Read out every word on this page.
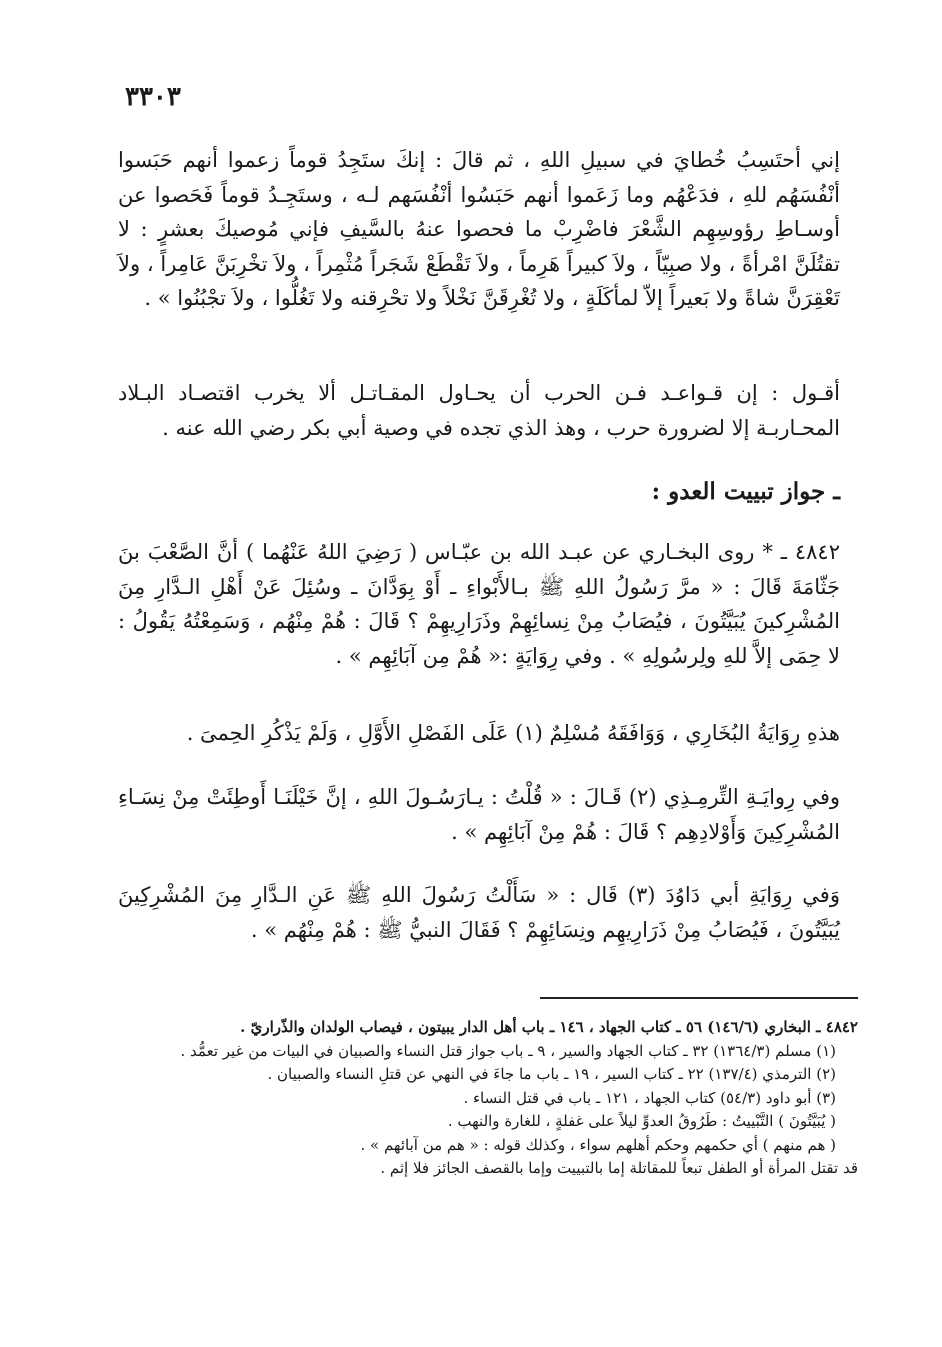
٣٣٠٣
إني أحتَسِبُ خُطايَ في سبيلِ اللهِ ، ثم قالَ : إنكَ ستَجِدُ قوماً زعموا أنهم حَبَسوا أنْفُسَهُم للهِ ، فدَعْهُم وما زَعَموا أنهم حَبَسُوا أنْفُسَهم لـه ، وستَجِـدُ قوماً فَحَصوا عن أوسـاطِ رؤوسِهِم الشَّعْرَ فاضْرِبْ ما فحصوا عنهُ بالسَّيفِ فإني مُوصيكَ بعشرٍ : لا تقتُلَنَّ امْرأةً ، ولا صبِيّاً ، ولاَ كبيراً هَرِماً ، ولاَ تَقْطَعْ شَجَراً مُثْمِراً ، ولاَ تخْرِبَنَّ عَامِراً ، ولاَ تَعْقِرَنَّ شاةً ولا بَعيراً إلاّ لمأكَلَةٍ ، ولا تُغْرِقَنَّ نَخْلاً ولا تحْرِقنه ولا تَغُلُّوا ، ولاَ تجْبُنُوا » .
أقـول : إن قـواعـد فـن الحرب أن يحـاول المقـاتـل ألا يخرب اقتصـاد البـلاد المحـاربـة إلا لضرورة حرب ، وهذ الذي تجده في وصية أبي بكر رضي الله عنه .
ـ جواز تبييت العدو :
٤٨٤٢ ـ * روى البخـاري عن عبـد الله بن عبّـاس ( رَضِيَ اللهُ عَنْهُما ) أنَّ الصَّعْبَ بنَ جَثّامَةَ قَالَ : « مرَّ رَسُولُ اللهِ ﷺ بـالأَبْواءِ ـ أَوْ بِوَدَّانَ ـ وسُئِلَ عَنْ أَهْلِ الـدَّارِ مِنَ المُشْرِكينَ يُبَيَّتُونَ ، فيُصَابُ مِنْ نِسائِهِمْ وذَرَارِيهِمْ ؟ قَالَ : هُمْ مِنْهُم ، وَسَمِعْتُهُ يَقُولُ : لا حِمَى إلاَّ للهِ ولِرسُولِهِ » . وفي رِوَايَةٍ :« هُمْ مِن آبَائِهِم » .
هذهِ رِوَايَةُ البُخَارِي ، وَوَافَقَهُ مُسْلِمٌ (١) عَلَى الفَصْلِ الأَوَّلِ ، وَلَمْ يَذْكُرِ الحِمىَ .
وفي رِوايَـةِ التِّرمِـذِي (٢) قَـالَ : « قُلْتُ : يـارَسُـولَ اللهِ ، إنَّ خَيْلَنَـا أَوطِئَتْ مِنْ نِسَـاءِ المُشْرِكِينَ وَأَوْلادِهِم ؟ قَالَ : هُمْ مِنْ آبَائِهِم » .
وَفي رِوَايَةِ أبي دَاوُدَ (٣) قَال : « سَأَلْتُ رَسُولَ اللهِ ﷺ عَنِ الـدَّارِ مِنَ المُشْرِكِينَ يُبَيَّتُونَ ، فَيُصَابُ مِنْ ذَرَارِيهِم ونِسَائِهِمْ ؟ فَقَالَ النبيُّ ﷺ : هُمْ مِنْهُم » .
٤٨٤٢ ـ البخاري (١٤٦/٦) ٥٦ ـ كتاب الجهاد ، ١٤٦ ـ باب أهل الدار يبيتون ، فيصاب الولدان والذّراريّ .
(١) مسلم (١٣٦٤/٣) ٣٢ ـ كتاب الجهاد والسير ، ٩ ـ باب جواز قتل النساء والصبيان في البيات من غير تعمُّد .
(٢) الترمذي (١٣٧/٤) ٢٢ ـ كتاب السير ، ١٩ ـ باب ما جاءَ في النهي عن قتلِ النساء والصبيان .
(٣) أبو داود (٥٤/٣) كتاب الجهاد ، ١٢١ ـ باب في قتل النساء .
( يُبَيَّتُونَ ) التَّبْييتُ : طَرُوقُ العدوِّ ليلاً على غفلةٍ ، للغارة والنهب .
( هم منهم ) أي حكمهم وحكم أهلهم سواء ، وكذلك قوله : « هم من آبائهم » .
قد تقتل المرأة أو الطفل تبعاً للمقاتلة إما بالتبييت وإما بالقصف الجائز فلا إثم .
